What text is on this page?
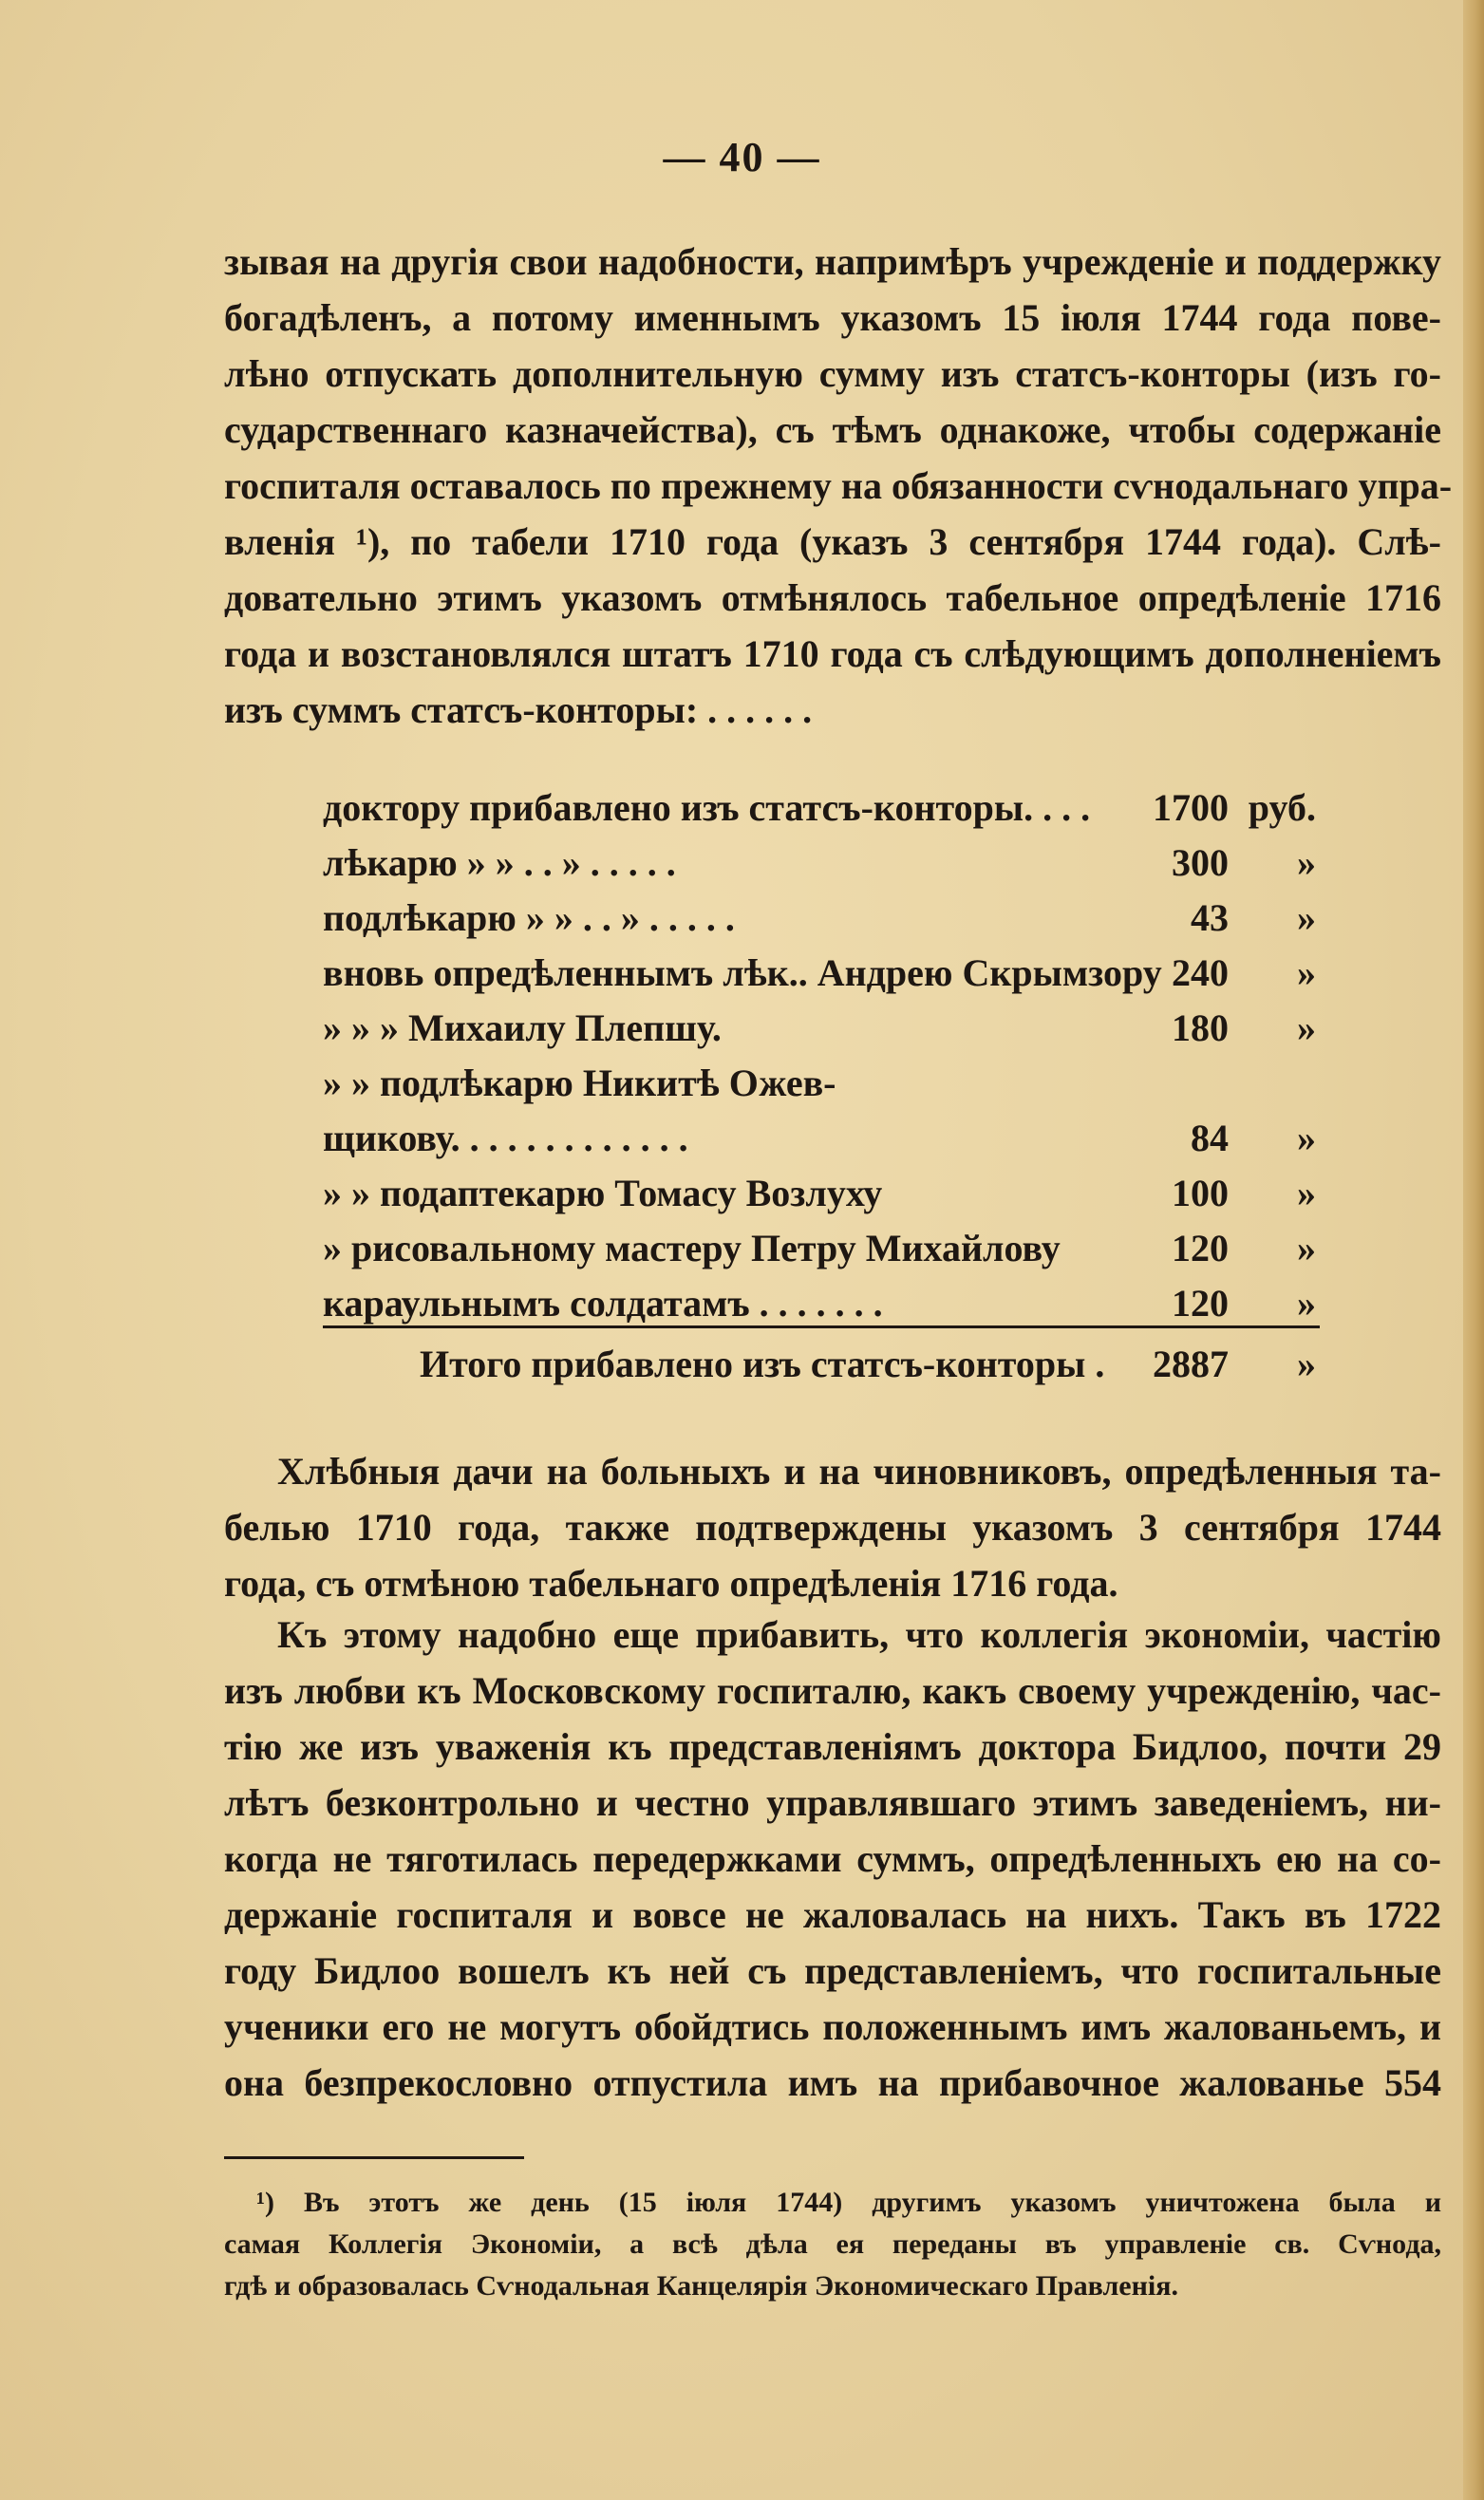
— 40 —
зывая на другія свои надобности, напримѣръ учрежденіе и поддержку
богадѣленъ, а потому именнымъ указомъ 15 іюля 1744 года пове-
лѣно отпускать дополнительную сумму изъ статсъ-конторы (изъ го-
сударственнаго казначейства), съ тѣмъ однакоже, чтобы содержаніе
госпиталя оставалось по прежнему на обязанности сѵнодальнаго упра-
вленія ¹), по табели 1710 года (указъ 3 сентября 1744 года). Слѣ-
довательно этимъ указомъ отмѣнялось табельное опредѣленіе 1716
года и возстановлялся штатъ 1710 года съ слѣдующимъ дополненіемъ
изъ суммъ статсъ-конторы: . . . . . .
доктору прибавлено изъ статсъ-конторы. . . .	1700 руб.
лѣкарю » » . . » . . . . .	300 »
подлѣкарю » » . . » . . . . .	43 »
вновь опредѣленнымъ лѣк.. Андрею Скрымзору 240 »
» » » Михаилу Плепшу.	180 »
» » подлѣкарю Никитѣ Ожев-
щикову. . . . . . . . . . . . .	84 »
» » подаптекарю Томасу Возлуху	100 »
» рисовальному мастеру Петру Михайлову	120 »
караульнымъ солдатамъ . . . . . . .	120 »
Итого прибавлено изъ статсъ-конторы .	2887 »
Хлѣбныя дачи на больныхъ и на чиновниковъ, опредѣленныя та-
белью 1710 года, также подтверждены указомъ 3 сентября 1744
года, съ отмѣною табельнаго опредѣленія 1716 года.
Къ этому надобно еще прибавить, что коллегія экономіи, частію
изъ любви къ Московскому госпиталю, какъ своему учрежденію, час-
тію же изъ уваженія къ представленіямъ доктора Бидлоо, почти 29
лѣтъ безконтрольно и честно управлявшаго этимъ заведеніемъ, ни-
когда не тяготилась передержками суммъ, опредѣленныхъ ею на со-
держаніе госпиталя и вовсе не жаловалась на нихъ. Такъ въ 1722
году Бидлоо вошелъ къ ней съ представленіемъ, что госпитальные
ученики его не могутъ обойдтись положеннымъ имъ жалованьемъ, и
она безпрекословно отпустила имъ на прибавочное жалованье 554
¹) Въ этотъ же день (15 іюля 1744) другимъ указомъ уничтожена была и
самая Коллегія Экономіи, а всѣ дѣла ея переданы въ управленіе св. Сѵнода,
гдѣ и образовалась Сѵнодальная Канцелярія Экономическаго Правленія.
